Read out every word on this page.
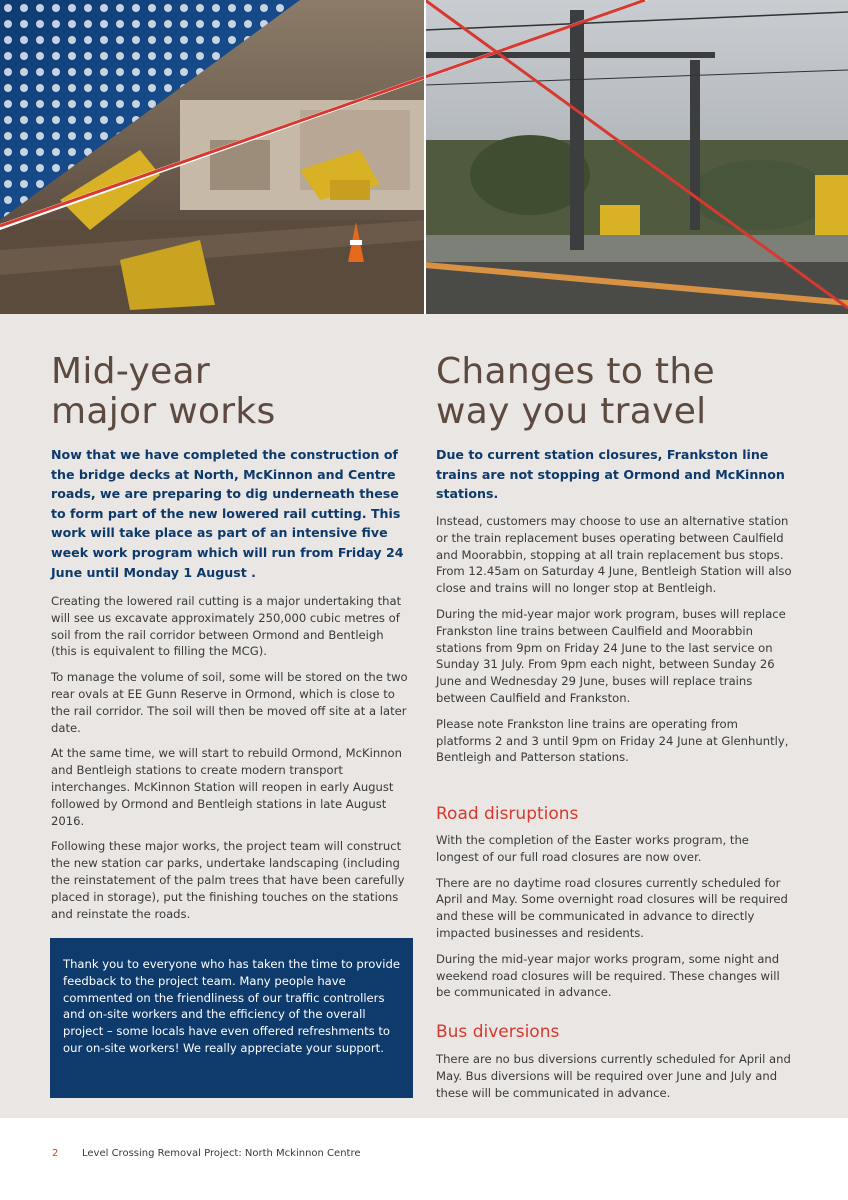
Mid-year
major works
Now that we have completed the construction of the bridge decks at North, McKinnon and Centre roads, we are preparing to dig underneath these to form part of the new lowered rail cutting. This work will take place as part of an intensive five week work program which will run from Friday 24 June until Monday 1 August .

Creating the lowered rail cutting is a major undertaking that will see us excavate approximately 250,000 cubic metres of soil from the rail corridor between Ormond and Bentleigh (this is equivalent to filling the MCG).

To manage the volume of soil, some will be stored on the two rear ovals at EE Gunn Reserve in Ormond, which is close to the rail corridor. The soil will then be moved off site at a later date.

At the same time, we will start to rebuild Ormond, McKinnon and Bentleigh stations to create modern transport interchanges. McKinnon Station will reopen in early August followed by Ormond and Bentleigh stations in late August 2016.

Following these major works, the project team will construct the new station car parks, undertake landscaping (including the reinstatement of the palm trees that have been carefully placed in storage), put the finishing touches on the stations and reinstate the roads.

Thank you to everyone who has taken the time to provide feedback to the project team. Many people have commented on the friendliness of our traffic controllers and on-site workers and the efficiency of the overall project – some locals have even offered refreshments to our on-site workers! We really appreciate your support.

Changes to the
way you travel
Due to current station closures, Frankston line trains are not stopping at Ormond and McKinnon stations.

Instead, customers may choose to use an alternative station or the train replacement buses operating between Caulfield and Moorabbin, stopping at all train replacement bus stops. From 12.45am on Saturday 4 June, Bentleigh Station will also close and trains will no longer stop at Bentleigh.

During the mid-year major work program, buses will replace Frankston line trains between Caulfield and Moorabbin stations from 9pm on Friday 24 June to the last service on Sunday 31 July. From 9pm each night, between Sunday 26 June and Wednesday 29 June, buses will replace trains between Caulfield and Frankston.

Please note Frankston line trains are operating from platforms 2 and 3 until 9pm on Friday 24 June at Glenhuntly, Bentleigh and Patterson stations.

Road disruptions

With the completion of the Easter works program, the longest of our full road closures are now over.

There are no daytime road closures currently scheduled for April and May. Some overnight road closures will be required and these will be communicated in advance to directly impacted businesses and residents.

During the mid-year major works program, some night and weekend road closures will be required. These changes will be communicated in advance.

Bus diversions

There are no bus diversions currently scheduled for April and May. Bus diversions will be required over June and July and these will be communicated in advance.

2 Level Crossing Removal Project: North Mckinnon Centre
